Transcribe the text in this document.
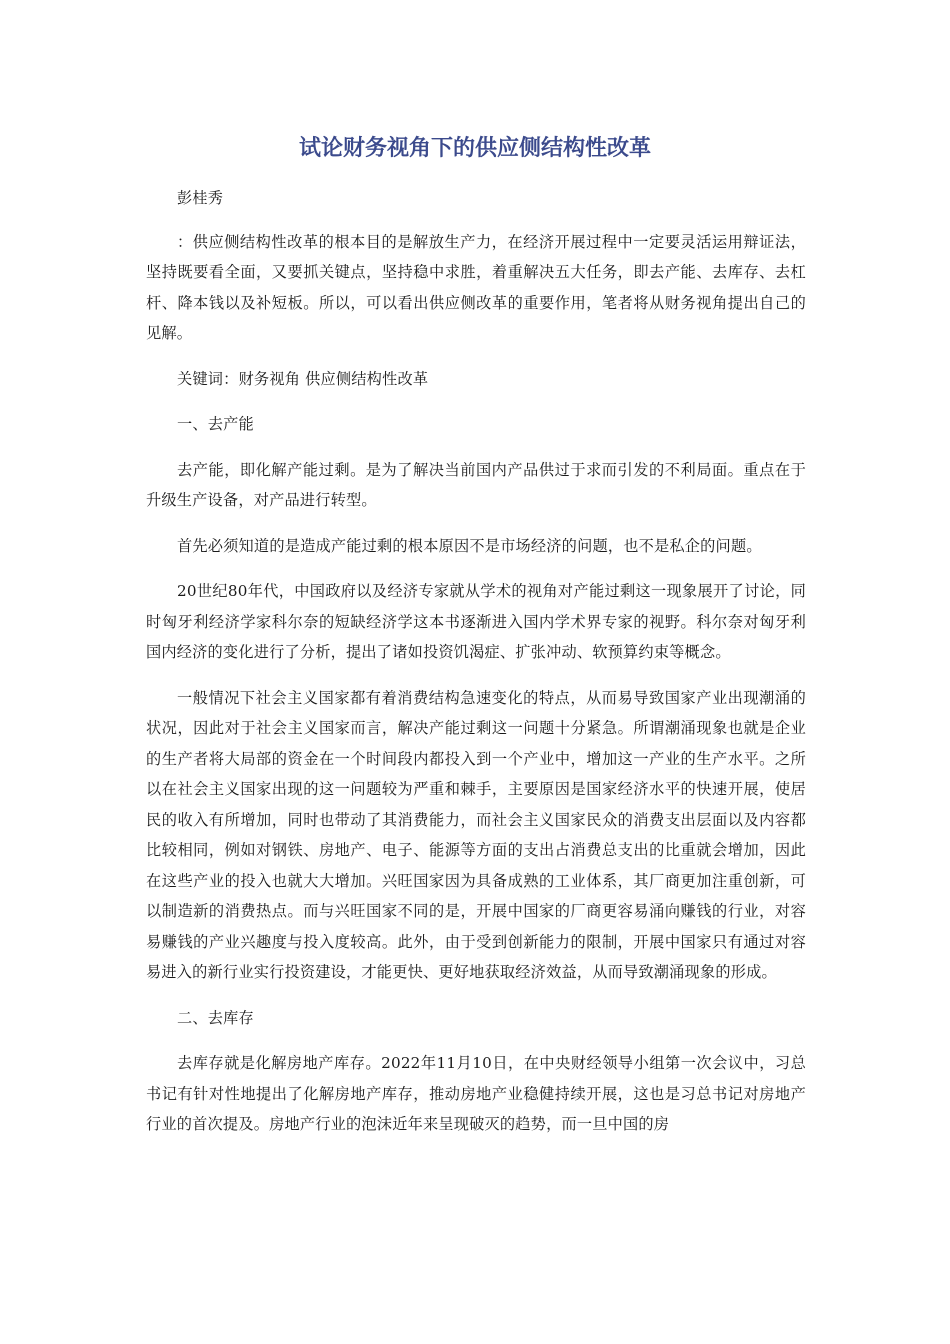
试论财务视角下的供应侧结构性改革

彭桂秀

：供应侧结构性改革的根本目的是解放生产力，在经济开展过程中一定要灵活运用辩证法，坚持既要看全面，又要抓关键点，坚持稳中求胜，着重解决五大任务，即去产能、去库存、去杠杆、降本钱以及补短板。所以，可以看出供应侧改革的重要作用，笔者将从财务视角提出自己的见解。

关键词：财务视角 供应侧结构性改革

一、去产能

去产能，即化解产能过剩。是为了解决当前国内产品供过于求而引发的不利局面。重点在于升级生产设备，对产品进行转型。

首先必须知道的是造成产能过剩的根本原因不是市场经济的问题，也不是私企的问题。

20世纪80年代，中国政府以及经济专家就从学术的视角对产能过剩这一现象展开了讨论，同时匈牙利经济学家科尔奈的短缺经济学这本书逐渐进入国内学术界专家的视野。科尔奈对匈牙利国内经济的变化进行了分析，提出了诸如投资饥渴症、扩张冲动、软预算约束等概念。

一般情况下社会主义国家都有着消费结构急速变化的特点，从而易导致国家产业出现潮涌的状况，因此对于社会主义国家而言，解决产能过剩这一问题十分紧急。所谓潮涌现象也就是企业的生产者将大局部的资金在一个时间段内都投入到一个产业中，增加这一产业的生产水平。之所以在社会主义国家出现的这一问题较为严重和棘手，主要原因是国家经济水平的快速开展，使居民的收入有所增加，同时也带动了其消费能力，而社会主义国家民众的消费支出层面以及内容都比较相同，例如对钢铁、房地产、电子、能源等方面的支出占消费总支出的比重就会增加，因此在这些产业的投入也就大大增加。兴旺国家因为具备成熟的工业体系，其厂商更加注重创新，可以制造新的消费热点。而与兴旺国家不同的是，开展中国家的厂商更容易涌向赚钱的行业，对容易赚钱的产业兴趣度与投入度较高。此外，由于受到创新能力的限制，开展中国家只有通过对容易进入的新行业实行投资建设，才能更快、更好地获取经济效益，从而导致潮涌现象的形成。

二、去库存

去库存就是化解房地产库存。2022年11月10日，在中央财经领导小组第一次会议中，习总书记有针对性地提出了化解房地产库存，推动房地产业稳健持续开展，这也是习总书记对房地产行业的首次提及。房地产行业的泡沫近年来呈现破灭的趋势，而一旦中国的房
